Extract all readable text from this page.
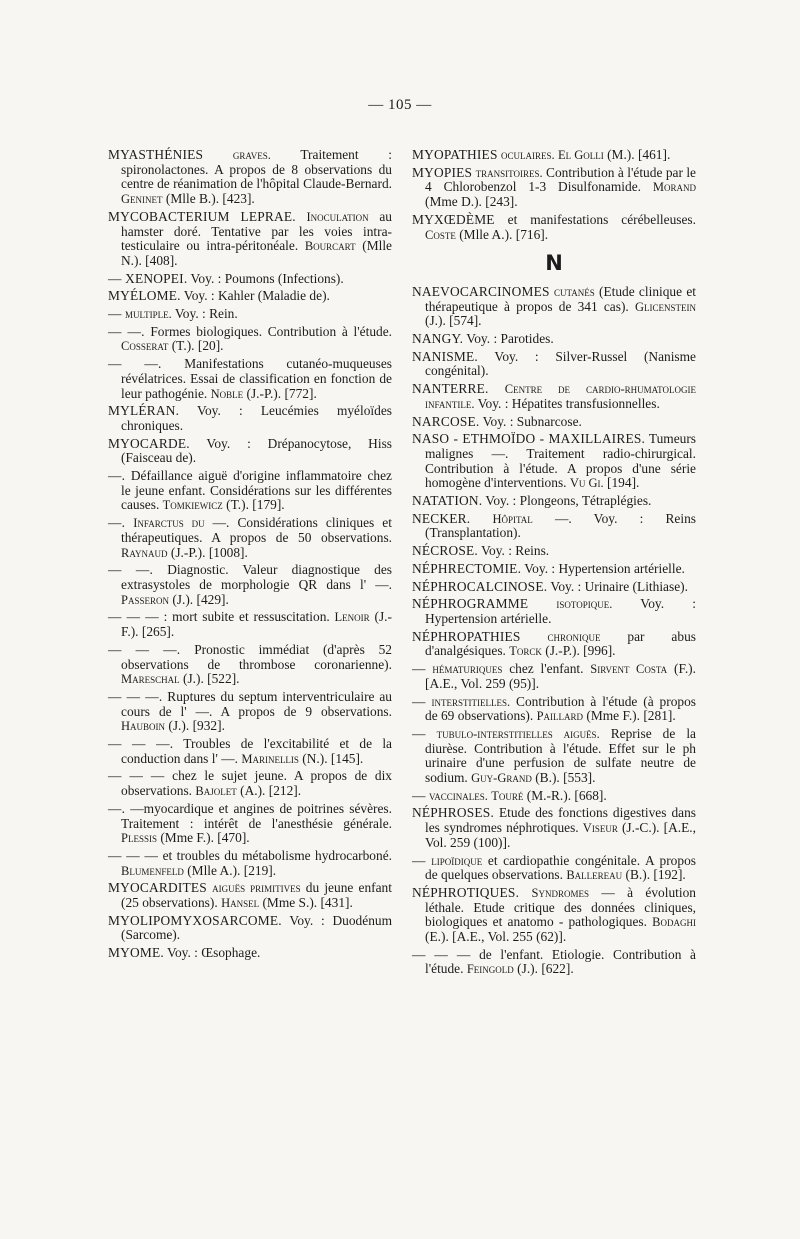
— 105 —

MYASTHÉNIES graves. Traitement : spironolactones. A propos de 8 observations du centre de réanimation de l'hôpital Claude-Bernard. Geninet (Mlle B.). [423].

MYCOBACTERIUM LEPRAE. Inoculation au hamster doré. Tentative par les voies intra-testiculaire ou intra-péritonéale. Bourcart (Mlle N.). [408].

— XENOPEI. Voy. : Poumons (Infections).

MYÉLOME. Voy. : Kahler (Maladie de).

— multiple. Voy. : Rein.

— —. Formes biologiques. Contribution à l'étude. Cosserat (T.). [20].

— —. Manifestations cutanéo-muqueuses révélatrices. Essai de classification en fonction de leur pathogénie. Noble (J.-P.). [772].

MYLÉRAN. Voy. : Leucémies myéloïdes chroniques.

MYOCARDE. Voy. : Drépanocytose, Hiss (Faisceau de).

—. Défaillance aiguë d'origine inflammatoire chez le jeune enfant. Considérations sur les différentes causes. Tomkiewicz (T.). [179].

—. Infarctus du —. Considérations cliniques et thérapeutiques. A propos de 50 observations. Raynaud (J.-P.). [1008].

— —. Diagnostic. Valeur diagnostique des extrasystoles de morphologie QR dans l' —. Passeron (J.). [429].

— — — : mort subite et ressuscitation. Lenoir (J.-F.). [265].

— — —. Pronostic immédiat (d'après 52 observations de thrombose coronarienne). Mareschal (J.). [522].

— — —. Ruptures du septum interventriculaire au cours de l' —. A propos de 9 observations. Hauboin (J.). [932].

— — —. Troubles de l'excitabilité et de la conduction dans l' —. Marinellis (N.). [145].

— — — chez le sujet jeune. A propos de dix observations. Bajolet (A.). [212].

—. —myocardique et angines de poitrines sévères. Traitement : intérêt de l'anesthésie générale. Plessis (Mme F.). [470].

— — — et troubles du métabolisme hydrocarboné. Blumenfeld (Mlle A.). [219].

MYOCARDITES aiguës primitives du jeune enfant (25 observations). Hansel (Mme S.). [431].

MYOLIPOMYXOSARCOME. Voy. : Duodénum (Sarcome).

MYOME. Voy. : Œsophage.

MYOPATHIES oculaires. El Golli (M.). [461].

MYOPIES transitoires. Contribution à l'étude par le 4 Chlorobenzol 1-3 Disulfonamide. Morand (Mme D.). [243].

MYXŒDÈME et manifestations cérébelleuses. Coste (Mlle A.). [716].

N

NAEVOCARCINOMES cutanés (Etude clinique et thérapeutique à propos de 341 cas). Glicenstein (J.). [574].

NANGY. Voy. : Parotides.

NANISME. Voy. : Silver-Russel (Nanisme congénital).

NANTERRE. Centre de cardio-rhumatologie infantile. Voy. : Hépatites transfusionnelles.

NARCOSE. Voy. : Subnarcose.

NASO - ETHMOÏDO - MAXILLAIRES. Tumeurs malignes —. Traitement radio-chirurgical. Contribution à l'étude. A propos d'une série homogène d'interventions. Vu Gi. [194].

NATATION. Voy. : Plongeons, Tétraplégies.

NECKER. Hôpital —. Voy. : Reins (Transplantation).

NÉCROSE. Voy. : Reins.

NÉPHRECTOMIE. Voy. : Hypertension artérielle.

NÉPHROCALCINOSE. Voy. : Urinaire (Lithiase).

NÉPHROGRAMME isotopique. Voy. : Hypertension artérielle.

NÉPHROPATHIES chronique par abus d'analgésiques. Torck (J.-P.). [996].

— hématuriques chez l'enfant. Sirvent Costa (F.). [A.E., Vol. 259 (95)].

— interstitielles. Contribution à l'étude (à propos de 69 observations). Paillard (Mme F.). [281].

— tubulo-interstitielles aiguës. Reprise de la diurèse. Contribution à l'étude. Effet sur le ph urinaire d'une perfusion de sulfate neutre de sodium. Guy-Grand (B.). [553].

— vaccinales. Touré (M.-R.). [668].

NÉPHROSES. Etude des fonctions digestives dans les syndromes néphrotiques. Viseur (J.-C.). [A.E., Vol. 259 (100)].

— lipoïdique et cardiopathie congénitale. A propos de quelques observations. Ballereau (B.). [192].

NÉPHROTIQUES. Syndromes — à évolution léthale. Etude critique des données cliniques, biologiques et anatomo - pathologiques. Bodaghi (E.). [A.E., Vol. 255 (62)].

— — — de l'enfant. Etiologie. Contribution à l'étude. Feingold (J.). [622].
